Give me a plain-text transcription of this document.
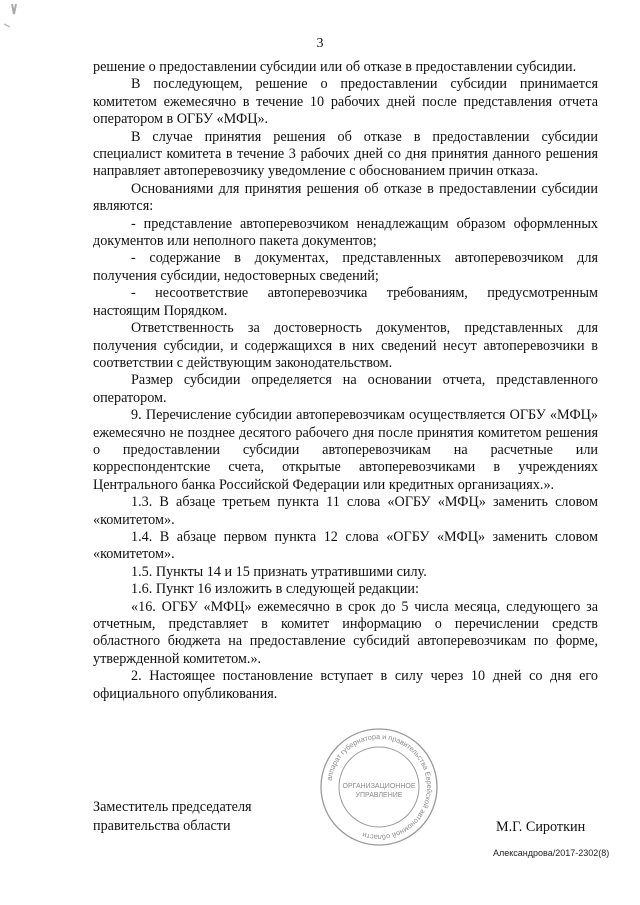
3

решение о предоставлении субсидии или об отказе в предоставлении субсидии.

В последующем, решение о предоставлении субсидии принимается комитетом ежемесячно в течение 10 рабочих дней после представления отчета оператором в ОГБУ «МФЦ».

В случае принятия решения об отказе в предоставлении субсидии специалист комитета в течение 3 рабочих дней со дня принятия данного решения направляет автоперевозчику уведомление с обоснованием причин отказа.

Основаниями для принятия решения об отказе в предоставлении субсидии являются:

- представление автоперевозчиком ненадлежащим образом оформленных документов или неполного пакета документов;

- содержание в документах, представленных автоперевозчиком для получения субсидии, недостоверных сведений;

- несоответствие автоперевозчика требованиям, предусмотренным настоящим Порядком.

Ответственность за достоверность документов, представленных для получения субсидии, и содержащихся в них сведений несут автоперевозчики в соответствии с действующим законодательством.

Размер субсидии определяется на основании отчета, представленного оператором.

9. Перечисление субсидии автоперевозчикам осуществляется ОГБУ «МФЦ» ежемесячно не позднее десятого рабочего дня после принятия комитетом решения о предоставлении субсидии автоперевозчикам на расчетные или корреспондентские счета, открытые автоперевозчиками в учреждениях Центрального банка Российской Федерации или кредитных организациях.».

1.3. В абзаце третьем пункта 11 слова «ОГБУ «МФЦ» заменить словом «комитетом».

1.4. В абзаце первом пункта 12 слова «ОГБУ «МФЦ» заменить словом «комитетом».

1.5. Пункты 14 и 15 признать утратившими силу.

1.6. Пункт 16 изложить в следующей редакции:

«16. ОГБУ «МФЦ» ежемесячно в срок до 5 числа месяца, следующего за отчетным, представляет в комитет информацию о перечислении средств областного бюджета на предоставление субсидий автоперевозчикам по форме, утвержденной комитетом.».

2. Настоящее постановление вступает в силу через 10 дней со дня его официального опубликования.

аппарат губернатора и правительства Еврейской автономной области
ОРГАНИЗАЦИОННОЕ
УПРАВЛЕНИЕ
Заместитель председателя
правительства области	М.Г. Сироткин
Александрова/2017-2302(8)
